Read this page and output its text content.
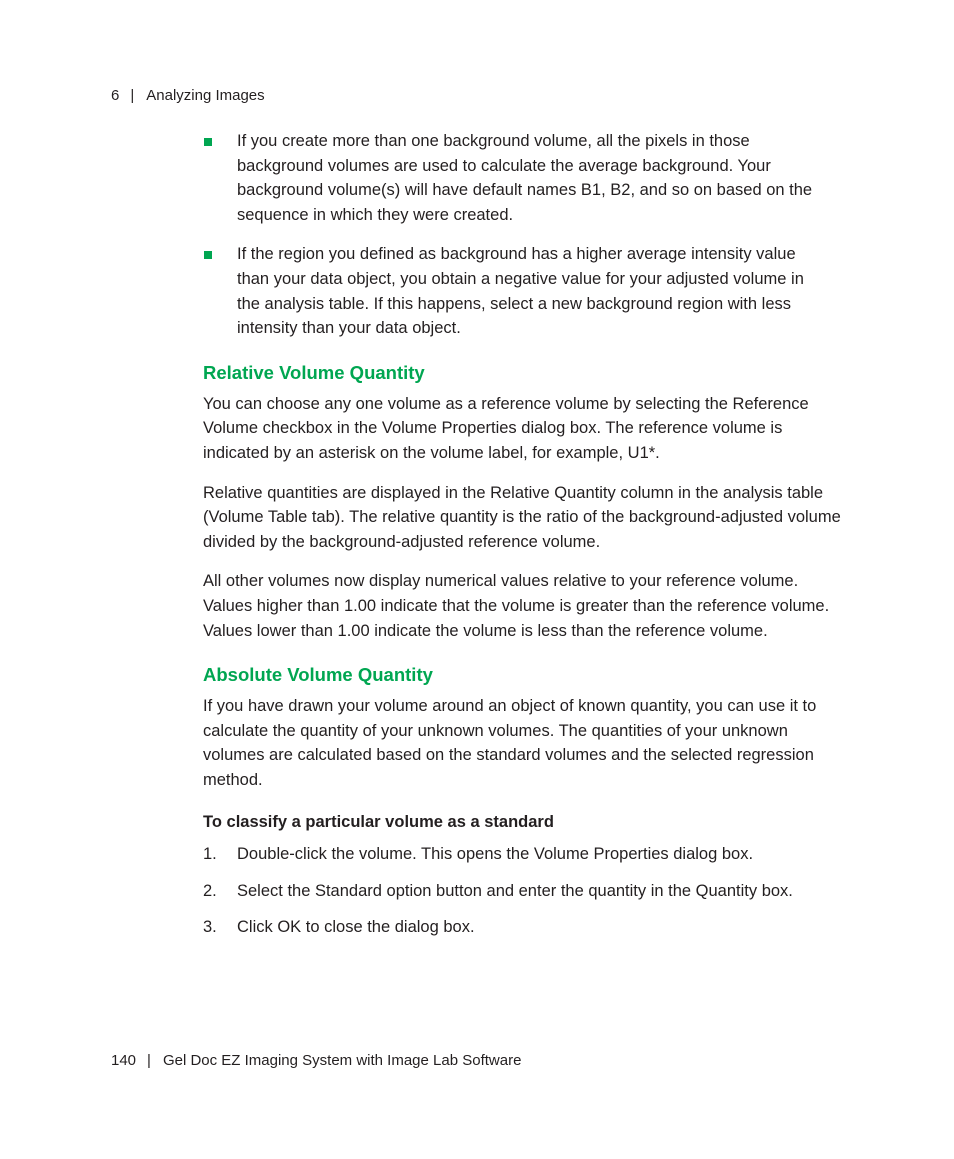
6 | Analyzing Images
If you create more than one background volume, all the pixels in those background volumes are used to calculate the average background. Your background volume(s) will have default names B1, B2, and so on based on the sequence in which they were created.
If the region you defined as background has a higher average intensity value than your data object, you obtain a negative value for your adjusted volume in the analysis table. If this happens, select a new background region with less intensity than your data object.
Relative Volume Quantity

You can choose any one volume as a reference volume by selecting the Reference Volume checkbox in the Volume Properties dialog box. The reference volume is indicated by an asterisk on the volume label, for example, U1*.

Relative quantities are displayed in the Relative Quantity column in the analysis table (Volume Table tab). The relative quantity is the ratio of the background-adjusted volume divided by the background-adjusted reference volume.

All other volumes now display numerical values relative to your reference volume. Values higher than 1.00 indicate that the volume is greater than the reference volume. Values lower than 1.00 indicate the volume is less than the reference volume.

Absolute Volume Quantity

If you have drawn your volume around an object of known quantity, you can use it to calculate the quantity of your unknown volumes. The quantities of your unknown volumes are calculated based on the standard volumes and the selected regression method.

To classify a particular volume as a standard
1. Double-click the volume. This opens the Volume Properties dialog box.
2. Select the Standard option button and enter the quantity in the Quantity box.
3. Click OK to close the dialog box.
140 | Gel Doc EZ Imaging System with Image Lab Software
